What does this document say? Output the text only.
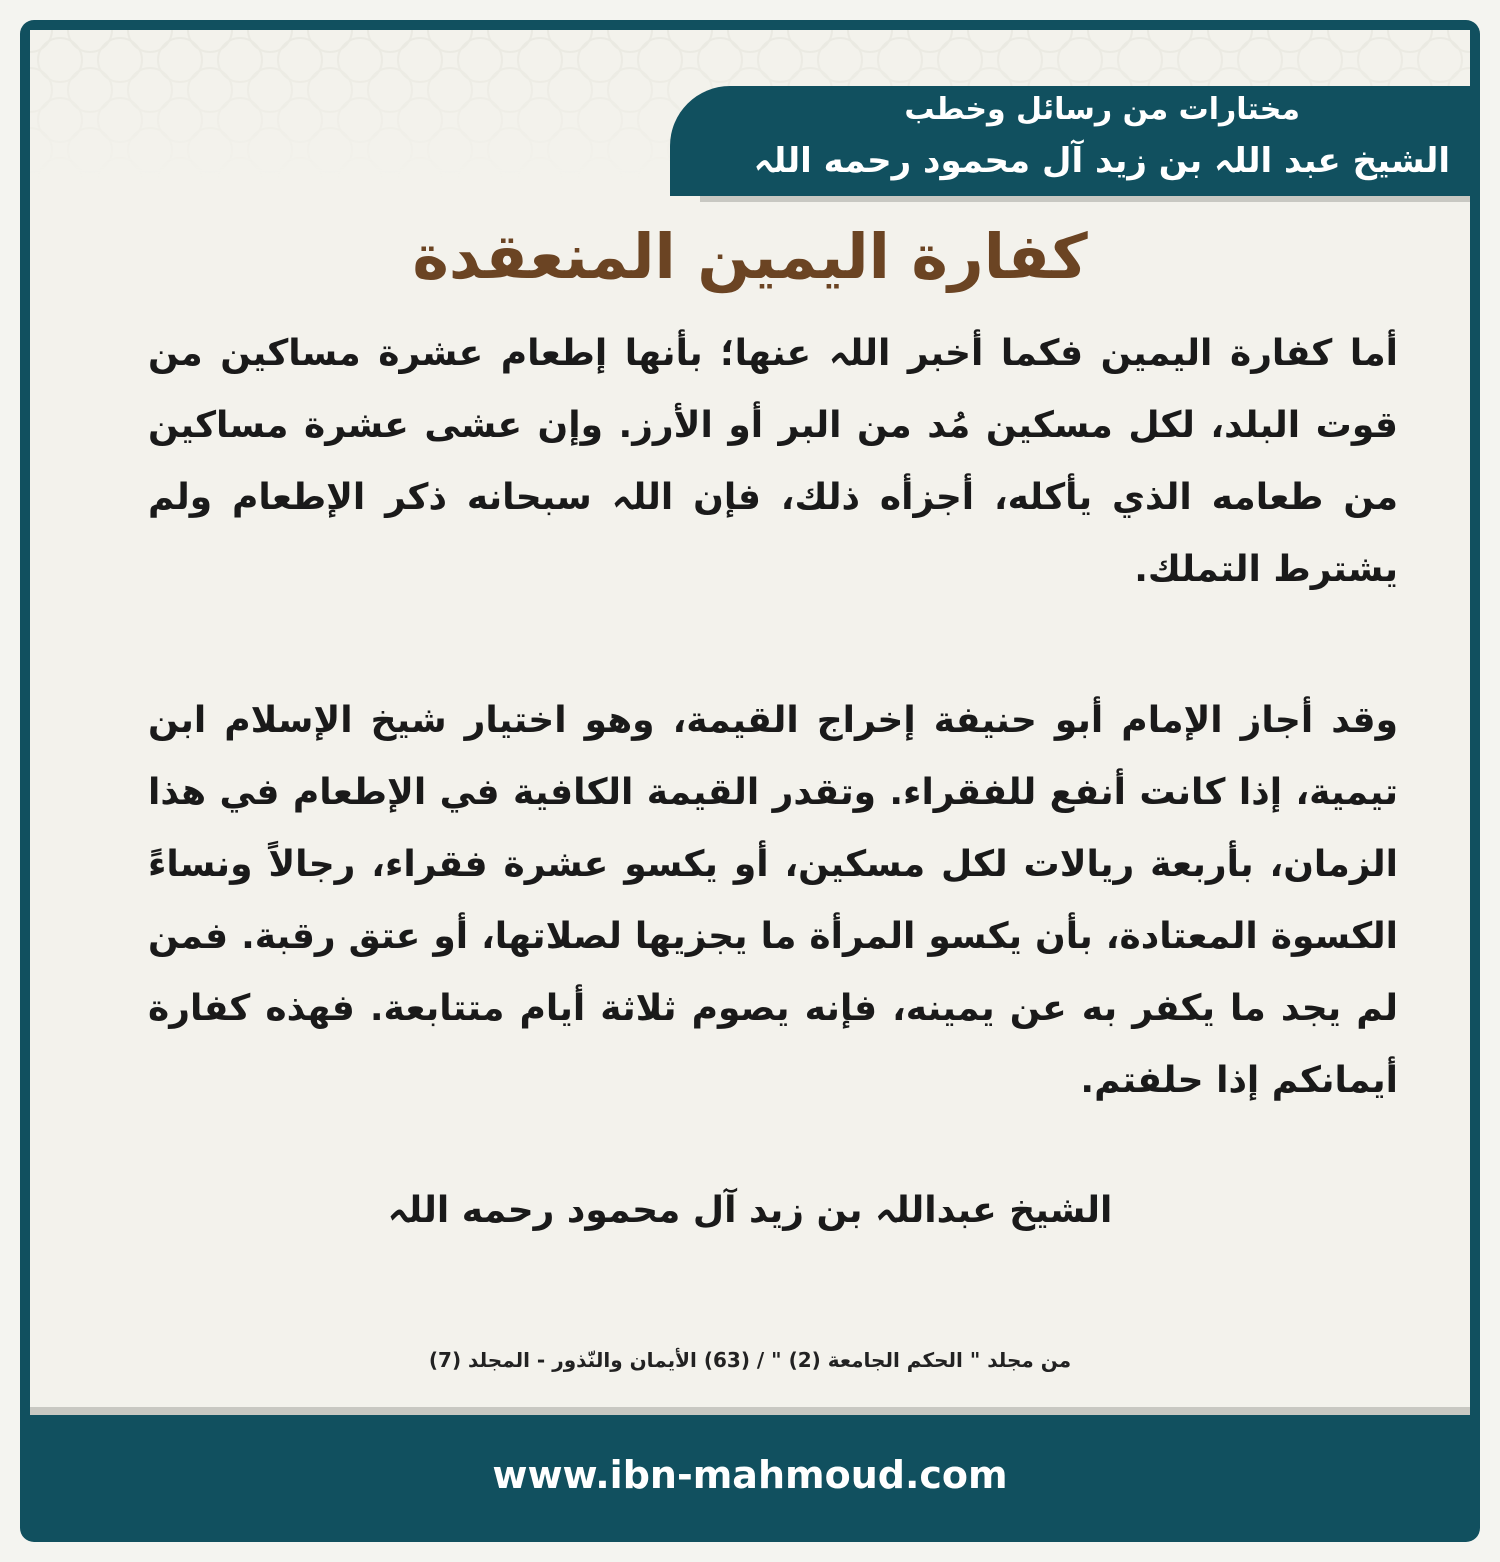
مختارات من رسائل وخطب
الشيخ عبد اللہ بن زيد آل محمود رحمه اللہ
كفارة اليمين المنعقدة
أما كفارة اليمين فكما أخبر اللہ عنها؛ بأنها إطعام عشرة مساكين من قوت البلد، لكل مسكين مُد من البر أو الأرز. وإن عشى عشرة مساكين من طعامه الذي يأكله، أجزأه ذلك، فإن اللہ سبحانه ذكر الإطعام ولم يشترط التملك.
وقد أجاز الإمام أبو حنيفة إخراج القيمة، وهو اختيار شيخ الإسلام ابن تيمية، إذا كانت أنفع للفقراء. وتقدر القيمة الكافية في الإطعام في هذا الزمان، بأربعة ريالات لكل مسكين، أو يكسو عشرة فقراء، رجالاً ونساءً الكسوة المعتادة، بأن يكسو المرأة ما يجزيها لصلاتها، أو عتق رقبة. فمن لم يجد ما يكفر به عن يمينه، فإنه يصوم ثلاثة أيام متتابعة. فهذه كفارة أيمانكم إذا حلفتم.
الشيخ عبداللہ بن زيد آل محمود رحمه اللہ
من مجلد " الحكم الجامعة (2) " / (63) الأيمان والنّذور - المجلد (7)
www.ibn-mahmoud.com
